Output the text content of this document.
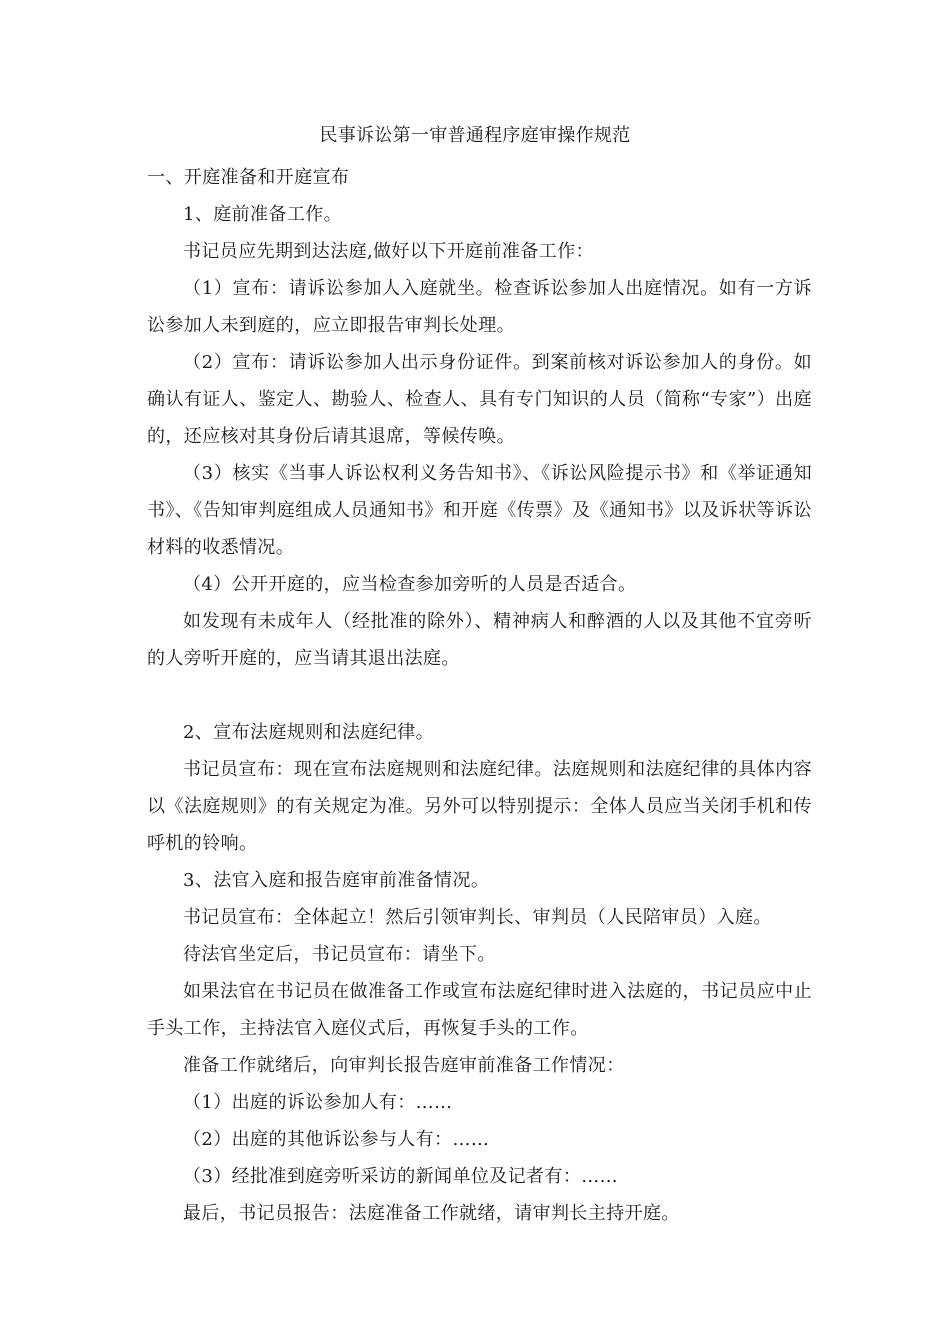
民事诉讼第一审普通程序庭审操作规范

一、开庭准备和开庭宣布

1、庭前准备工作。

书记员应先期到达法庭,做好以下开庭前准备工作：

（1）宣布：请诉讼参加人入庭就坐。检查诉讼参加人出庭情况。如有一方诉讼参加人未到庭的，应立即报告审判长处理。

（2）宣布：请诉讼参加人出示身份证件。到案前核对诉讼参加人的身份。如确认有证人、鉴定人、勘验人、检查人、具有专门知识的人员（简称“专家”）出庭的，还应核对其身份后请其退席，等候传唤。

（3）核实《当事人诉讼权利义务告知书》、《诉讼风险提示书》和《举证通知书》、《告知审判庭组成人员通知书》和开庭《传票》及《通知书》以及诉状等诉讼材料的收悉情况。

（4）公开开庭的，应当检查参加旁听的人员是否适合。

如发现有未成年人（经批准的除外）、精神病人和醉酒的人以及其他不宜旁听的人旁听开庭的，应当请其退出法庭。

2、宣布法庭规则和法庭纪律。

书记员宣布：现在宣布法庭规则和法庭纪律。法庭规则和法庭纪律的具体内容以《法庭规则》的有关规定为准。另外可以特别提示：全体人员应当关闭手机和传呼机的铃响。

3、法官入庭和报告庭审前准备情况。

书记员宣布：全体起立！然后引领审判长、审判员（人民陪审员）入庭。

待法官坐定后，书记员宣布：请坐下。

如果法官在书记员在做准备工作或宣布法庭纪律时进入法庭的，书记员应中止手头工作，主持法官入庭仪式后，再恢复手头的工作。

准备工作就绪后，向审判长报告庭审前准备工作情况：

（1）出庭的诉讼参加人有：……

（2）出庭的其他诉讼参与人有：……

（3）经批准到庭旁听采访的新闻单位及记者有：……

最后，书记员报告：法庭准备工作就绪，请审判长主持开庭。
